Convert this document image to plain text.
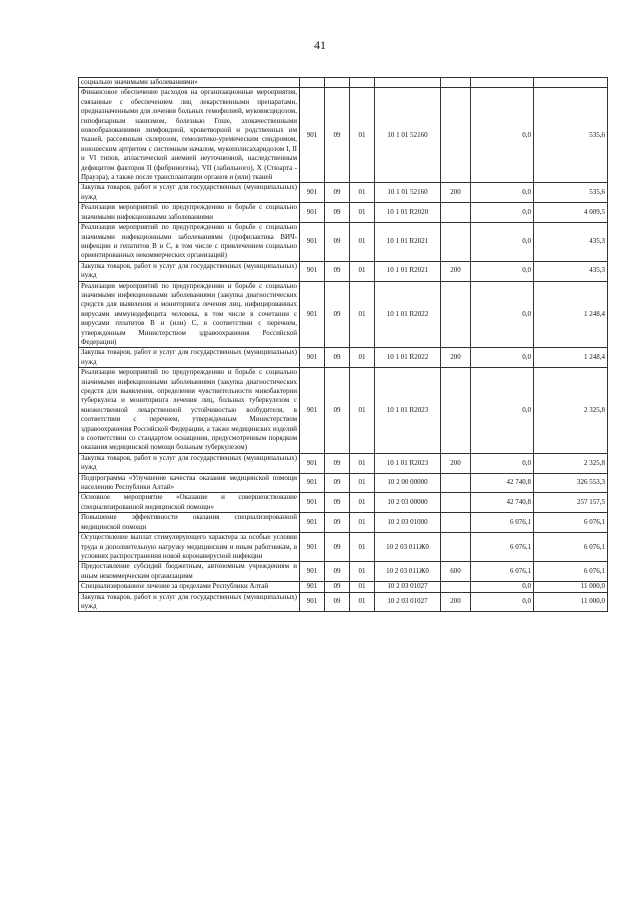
41
социально значимыми заболеваниями»							
Финансовое обеспечение расходов на организационные мероприятия, связанные с обеспечением лиц лекарственными препаратами, предназначенными для лечения больных гемофилией, муковисцидозом, гипофизарным нанизмом, болезнью Гоше, злокачественными новообразованиями лимфоидной, кроветворной и родственных им тканей, рассеянным склерозом, гемолитико-уремическим синдромом, юношеским артритом с системным началом, мукополисахаридозом I, II и VI типов, апластической анемией неуточненной, наследственным дефицитом факторов II (фибриногена), VII (лабильного), X (Стюарта - Прауэра), а также после трансплантации органов и (или) тканей	901	09	01	10 1 01 52160		0,0	535,6
Закупка товаров, работ и услуг для государственных (муниципальных) нужд	901	09	01	10 1 01 52160	200	0,0	535,6
Реализация мероприятий по предупреждению и борьбе с социально значимыми инфекционными заболеваниями	901	09	01	10 1 01 R2020		0,0	4 009,5
Реализация мероприятий по предупреждению и борьбе с социально значимыми инфекционными заболеваниями (профилактика ВИЧ-инфекции и гепатитов В и С, в том числе с привлечением социально ориентированных некоммерческих организаций)	901	09	01	10 1 01 R2021		0,0	435,3
Закупка товаров, работ и услуг для государственных (муниципальных) нужд	901	09	01	10 1 01 R2021	200	0,0	435,3
Реализация мероприятий по предупреждению и борьбе с социально значимыми инфекционными заболеваниями (закупка диагностических средств для выявления и мониторинга лечения лиц, инфицированных вирусами иммунодефицита человека, в том числе в сочетании с вирусами гепатитов В и (или) С, в соответствии с перечнем, утвержденным Министерством здравоохранения Российской Федерации)	901	09	01	10 1 01 R2022		0,0	1 248,4
Закупка товаров, работ и услуг для государственных (муниципальных) нужд	901	09	01	10 1 01 R2022	200	0,0	1 248,4
Реализация мероприятий по предупреждению и борьбе с социально значимыми инфекционными заболеваниями (закупка диагностических средств для выявления, определения чувствительности микобактерии туберкулеза и мониторинга лечения лиц, больных туберкулезом с множественной лекарственной устойчивостью возбудителя, в соответствии с перечнем, утвержденным Министерством здравоохранения Российской Федерации, а также медицинских изделий в соответствии со стандартом оснащения, предусмотренным порядком оказания медицинской помощи больным туберкулезом)	901	09	01	10 1 01 R2023		0,0	2 325,8
Закупка товаров, работ и услуг для государственных (муниципальных) нужд	901	09	01	10 1 01 R2023	200	0,0	2 325,8
Подпрограмма «Улучшение качества оказания медицинской помощи населению Республики Алтай»	901	09	01	10 2 00 00000		42 740,8	326 553,3
Основное мероприятие «Оказание и совершенствование специализированной медицинской помощи»	901	09	01	10 2 03 00000		42 740,8	257 157,5
Повышение эффективности оказания специализированной медицинской помощи	901	09	01	10 2 03 01000		6 076,1	6 076,1
Осуществление выплат стимулирующего характера за особые условия труда и дополнительную нагрузку медицинским и иным работникам, в условиях распространения новой коронавирусной инфекции	901	09	01	10 2 03 011Ж0		6 076,1	6 076,1
Предоставление субсидий бюджетным, автономным учреждениям и иным некоммерческим организациям	901	09	01	10 2 03 011Ж0	600	6 076,1	6 076,1
Специализированное лечение за пределами Республики Алтай	901	09	01	10 2 03 01027		0,0	11 000,0
Закупка товаров, работ и услуг для государственных (муниципальных) нужд	901	09	01	10 2 03 01027	200	0,0	11 000,0
